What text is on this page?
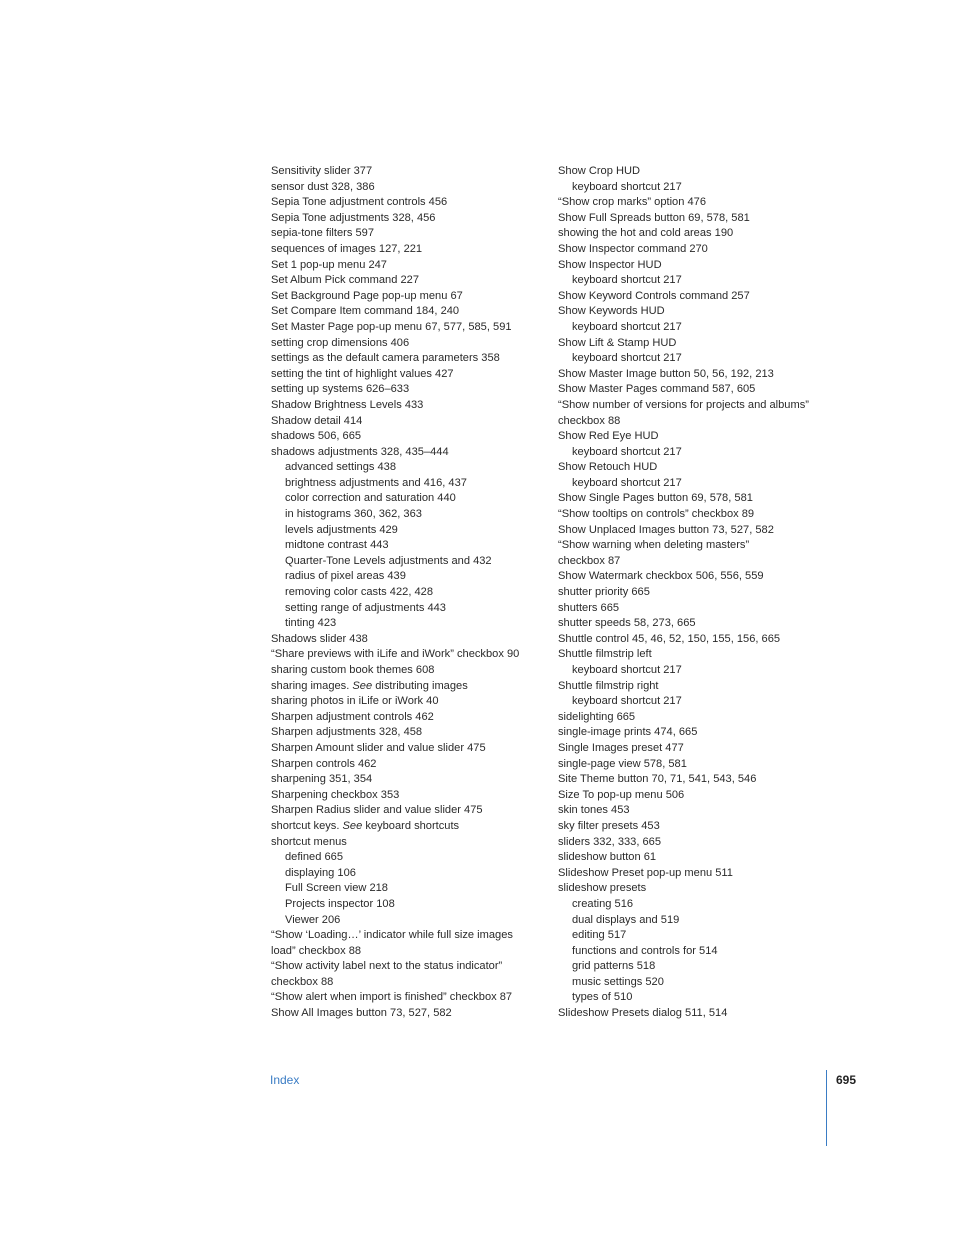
Sensitivity slider 377
sensor dust 328, 386
Sepia Tone adjustment controls 456
Sepia Tone adjustments 328, 456
sepia-tone filters 597
sequences of images 127, 221
Set 1 pop-up menu 247
Set Album Pick command 227
Set Background Page pop-up menu 67
Set Compare Item command 184, 240
Set Master Page pop-up menu 67, 577, 585, 591
setting crop dimensions 406
settings as the default camera parameters 358
setting the tint of highlight values 427
setting up systems 626–633
Shadow Brightness Levels 433
Shadow detail 414
shadows 506, 665
shadows adjustments 328, 435–444
advanced settings 438
brightness adjustments and 416, 437
color correction and saturation 440
in histograms 360, 362, 363
levels adjustments 429
midtone contrast 443
Quarter-Tone Levels adjustments and 432
radius of pixel areas 439
removing color casts 422, 428
setting range of adjustments 443
tinting 423
Shadows slider 438
“Share previews with iLife and iWork” checkbox 90
sharing custom book themes 608
sharing images. See distributing images
sharing photos in iLife or iWork 40
Sharpen adjustment controls 462
Sharpen adjustments 328, 458
Sharpen Amount slider and value slider 475
Sharpen controls 462
sharpening 351, 354
Sharpening checkbox 353
Sharpen Radius slider and value slider 475
shortcut keys. See keyboard shortcuts
shortcut menus
defined 665
displaying 106
Full Screen view 218
Projects inspector 108
Viewer 206
“Show ‘Loading…’ indicator while full size images
load” checkbox 88
“Show activity label next to the status indicator”
checkbox 88
“Show alert when import is finished” checkbox 87
Show All Images button 73, 527, 582
Show Crop HUD
keyboard shortcut 217
“Show crop marks” option 476
Show Full Spreads button 69, 578, 581
showing the hot and cold areas 190
Show Inspector command 270
Show Inspector HUD
keyboard shortcut 217
Show Keyword Controls command 257
Show Keywords HUD
keyboard shortcut 217
Show Lift & Stamp HUD
keyboard shortcut 217
Show Master Image button 50, 56, 192, 213
Show Master Pages command 587, 605
“Show number of versions for projects and albums”
checkbox 88
Show Red Eye HUD
keyboard shortcut 217
Show Retouch HUD
keyboard shortcut 217
Show Single Pages button 69, 578, 581
“Show tooltips on controls” checkbox 89
Show Unplaced Images button 73, 527, 582
“Show warning when deleting masters”
checkbox 87
Show Watermark checkbox 506, 556, 559
shutter priority 665
shutters 665
shutter speeds 58, 273, 665
Shuttle control 45, 46, 52, 150, 155, 156, 665
Shuttle filmstrip left
keyboard shortcut 217
Shuttle filmstrip right
keyboard shortcut 217
sidelighting 665
single-image prints 474, 665
Single Images preset 477
single-page view 578, 581
Site Theme button 70, 71, 541, 543, 546
Size To pop-up menu 506
skin tones 453
sky filter presets 453
sliders 332, 333, 665
slideshow button 61
Slideshow Preset pop-up menu 511
slideshow presets
creating 516
dual displays and 519
editing 517
functions and controls for 514
grid patterns 518
music settings 520
types of 510
Slideshow Presets dialog 511, 514
Index	695
